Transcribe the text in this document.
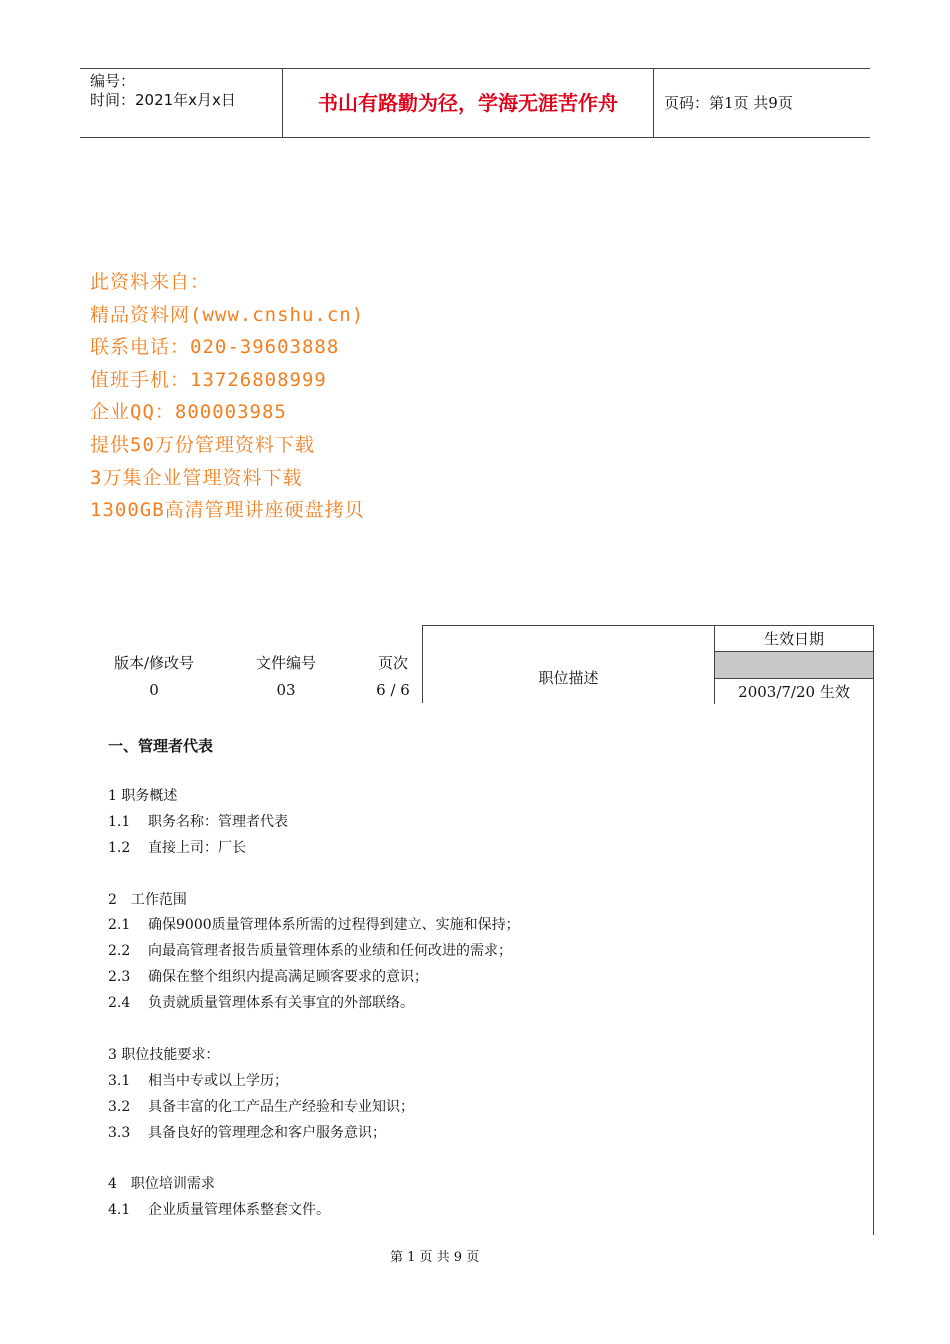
编号：
时间：2021年x月x日	书山有路勤为径，学海无涯苦作舟	页码：第1页 共9页
此资料来自：
精品资料网(www.cnshu.cn)
联系电话：020-39603888
值班手机：13726808999
企业QQ：800003985
提供50万份管理资料下载
3万集企业管理资料下载
1300GB高清管理讲座硬盘拷贝
版本/修改号
0
文件编号
03
页次
6 / 6
职位描述
生效日期
2003/7/20 生效
一、管理者代表
1 职务概述
1.1 职务名称：管理者代表
1.2 直接上司：厂长
2　工作范围
2.1 确保9000质量管理体系所需的过程得到建立、实施和保持；
2.2 向最高管理者报告质量管理体系的业绩和任何改进的需求；
2.3 确保在整个组织内提高满足顾客要求的意识；
2.4 负责就质量管理体系有关事宜的外部联络。
3 职位技能要求：
3.1 相当中专或以上学历；
3.2 具备丰富的化工产品生产经验和专业知识；
3.3 具备良好的管理理念和客户服务意识；
4　职位培训需求
4.1 企业质量管理体系整套文件。
第 1 页 共 9 页
